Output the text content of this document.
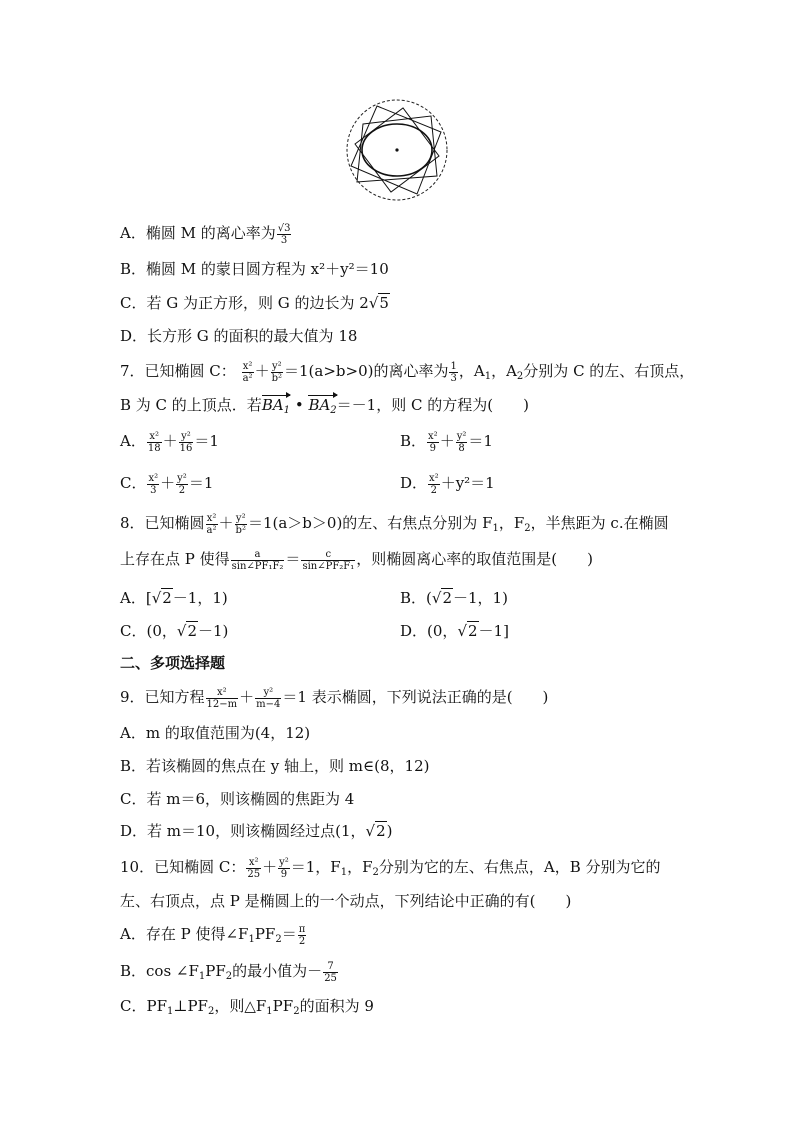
A．椭圆 M 的离心率为 $\frac{√3}{3}$
B．椭圆 M 的蒙日圆方程为 x²＋y²＝10
C．若 G 为正方形，则 G 的边长为 2√5
D．长方形 G 的面积的最大值为 18
7．已知椭圆 C： $\frac{\text{x²}}{\text{a²}} + \frac{\text{y²}}{\text{b²}} =1(a>b>0)$的离心率为 $\frac{1}{3}$ ，$A_1$，$A_2$分别为 C 的左、右顶点，
B 为 C 的上顶点．若$BA_1$ • $BA_2=-1$，则 C 的方程为(　　)
A． $\frac{\text{x²}}{18} + \frac{\text{y²}}{16} =1$	B． $\frac{\text{x²}}{9} + \frac{\text{y²}}{8} =1$
C． $\frac{\text{x²}}{3} + \frac{\text{y²}}{2} =1$	D． $\frac{\text{x²}}{2} +y^2=1$
8．已知椭圆 $\frac{\text{x²}}{\text{a²}} + \frac{\text{y²}}{\text{b²}} =1(a>b>0)$的左、右焦点分别为 $F_1$，$F_2$，半焦距为 c.在椭圆
上存在点 P 使得 $\frac{a}{\text{sin∠PF₁F₂}} = \frac{c}{\text{sin∠PF₂F₁}}$ ，则椭圆离心率的取值范围是(　　)
A．[√2－1，1)	B．(√2－1，1)
C．(0，√2－1)	D．(0，√2－1]
二、多项选择题
9．已知方程 $\frac{\text{x²}}{12-m} + \frac{\text{y²}}{m-4} =1$ 表示椭圆，下列说法正确的是(　　)
A．m 的取值范围为(4，12)
B．若该椭圆的焦点在 y 轴上，则 m∈(8，12)
C．若 m＝6，则该椭圆的焦距为 4
D．若 m＝10，则该椭圆经过点(1，√2)
10．已知椭圆 C： $\frac{\text{x²}}{25} + \frac{\text{y²}}{9} =1$，$F_1$，$F_2$分别为它的左、右焦点，A，B 分别为它的
左、右顶点，点 P 是椭圆上的一个动点，下列结论中正确的有(　　)
A．存在 P 使得$\angle F_1PF_2= \frac{\pi}{2}$
B．$\cos \angle F_1PF_2$的最小值为－ $\frac{7}{25}$
C．$PF_1\perp PF_2$，则$\triangle F_1PF_2$的面积为 9
